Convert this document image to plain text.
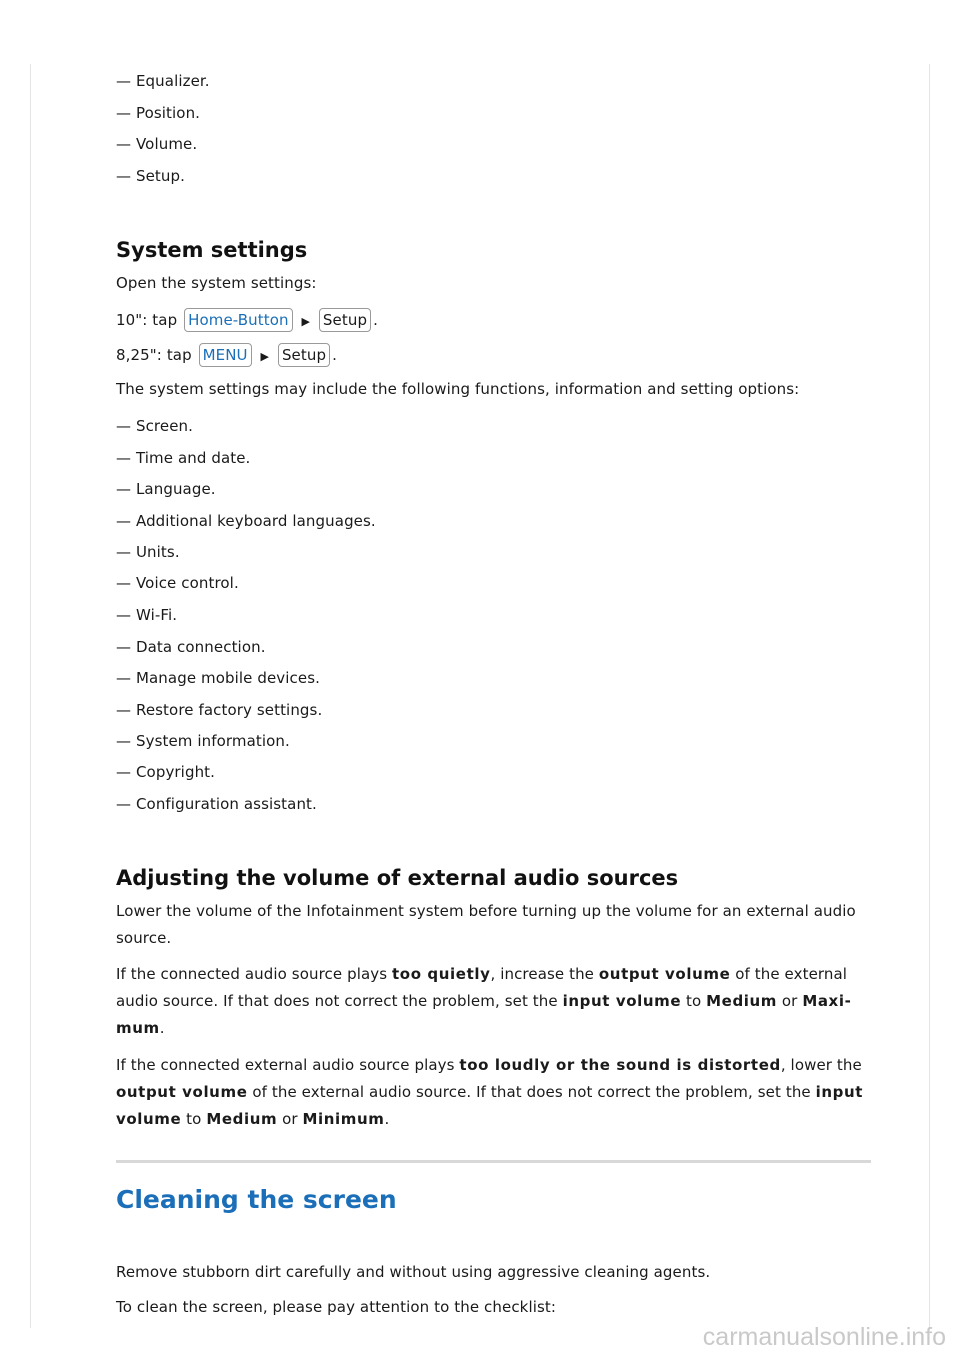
— Equalizer.
— Position.
— Volume.
— Setup.
System settings
Open the system settings:
10": tap Home-Button ▶ Setup .
8,25": tap MENU ▶ Setup .
The system settings may include the following functions, information and setting options:
— Screen.
— Time and date.
— Language.
— Additional keyboard languages.
— Units.
— Voice control.
— Wi-Fi.
— Data connection.
— Manage mobile devices.
— Restore factory settings.
— System information.
— Copyright.
— Configuration assistant.
Adjusting the volume of external audio sources
Lower the volume of the Infotainment system before turning up the volume for an external audio source.
If the connected audio source plays too quietly, increase the output volume of the external audio source. If that does not correct the problem, set the input volume to Medium or Maxi-mum.
If the connected external audio source plays too loudly or the sound is distorted, lower the output volume of the external audio source. If that does not correct the problem, set the input volume to Medium or Minimum.
Cleaning the screen
Remove stubborn dirt carefully and without using aggressive cleaning agents.
To clean the screen, please pay attention to the checklist:
carmanualsonline.info
